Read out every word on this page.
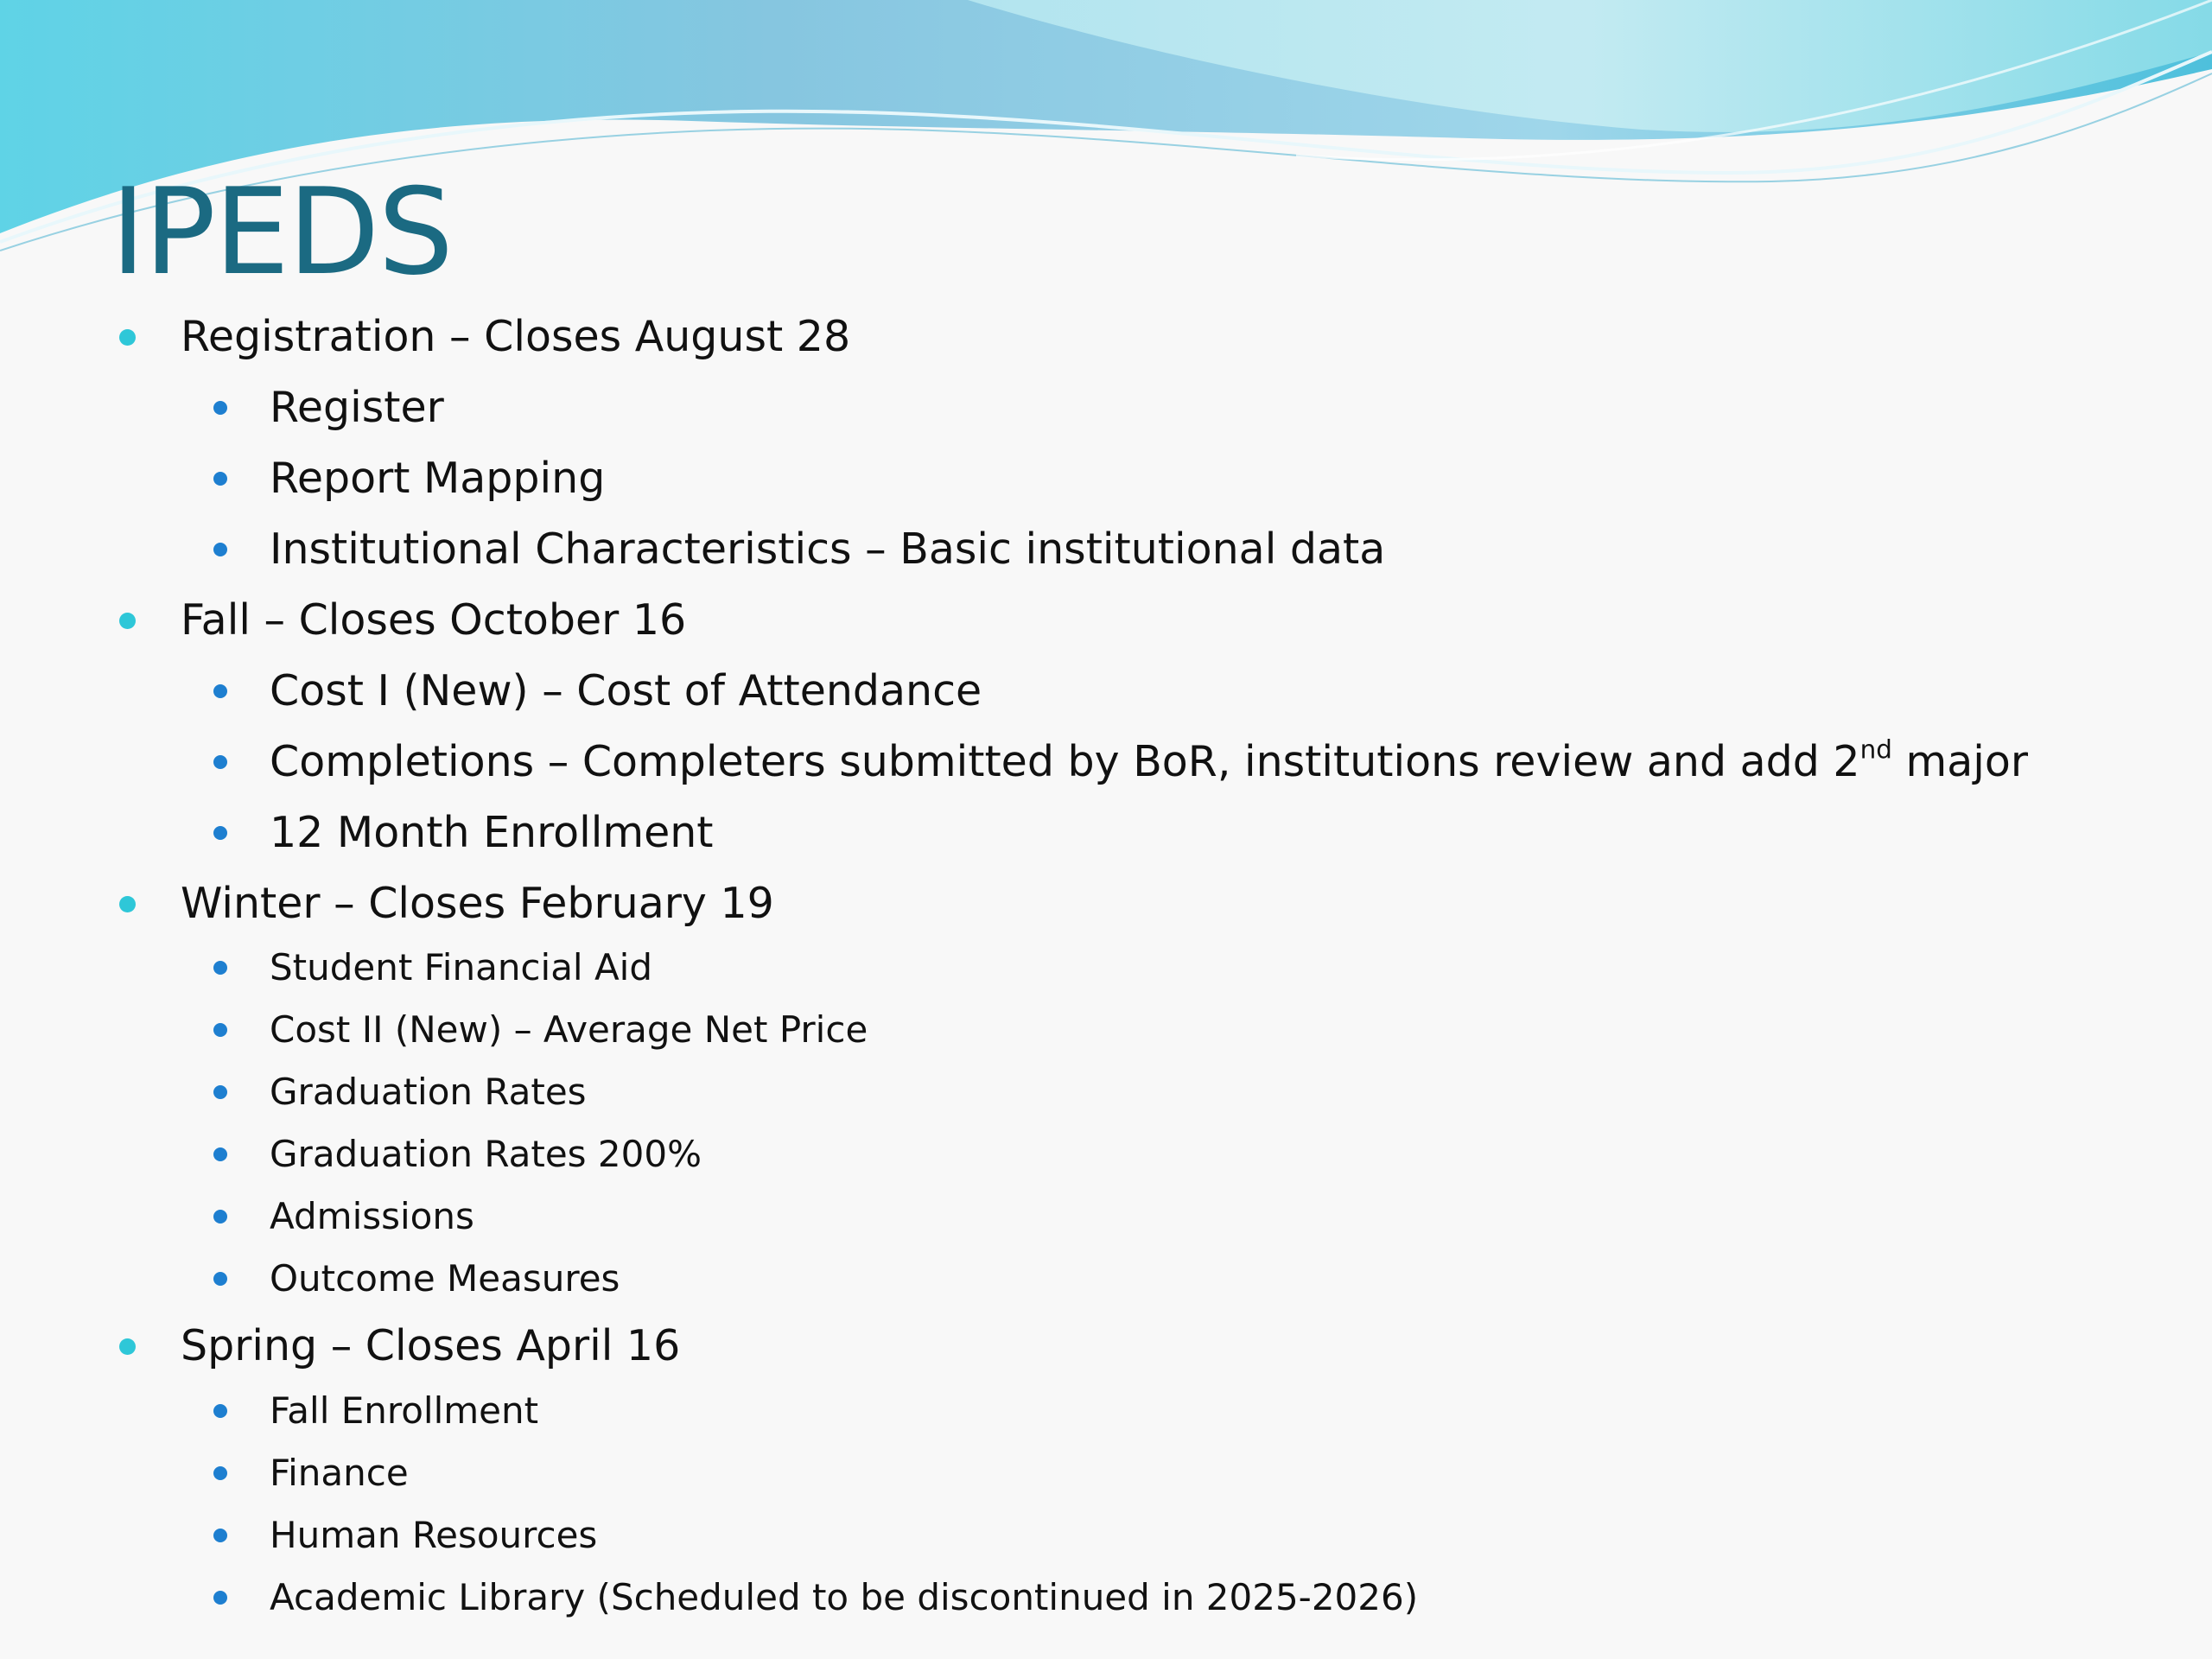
IPEDS
Registration – Closes August 28
Register
Report Mapping
Institutional Characteristics – Basic institutional data
Fall – Closes October 16
Cost I (New) – Cost of Attendance
Completions – Completers submitted by BoR, institutions review and add 2nd major
12 Month Enrollment
Winter – Closes February 19
Student Financial Aid
Cost II (New) – Average Net Price
Graduation Rates
Graduation Rates 200%
Admissions
Outcome Measures
Spring – Closes April 16
Fall Enrollment
Finance
Human Resources
Academic Library (Scheduled to be discontinued in 2025-2026)
